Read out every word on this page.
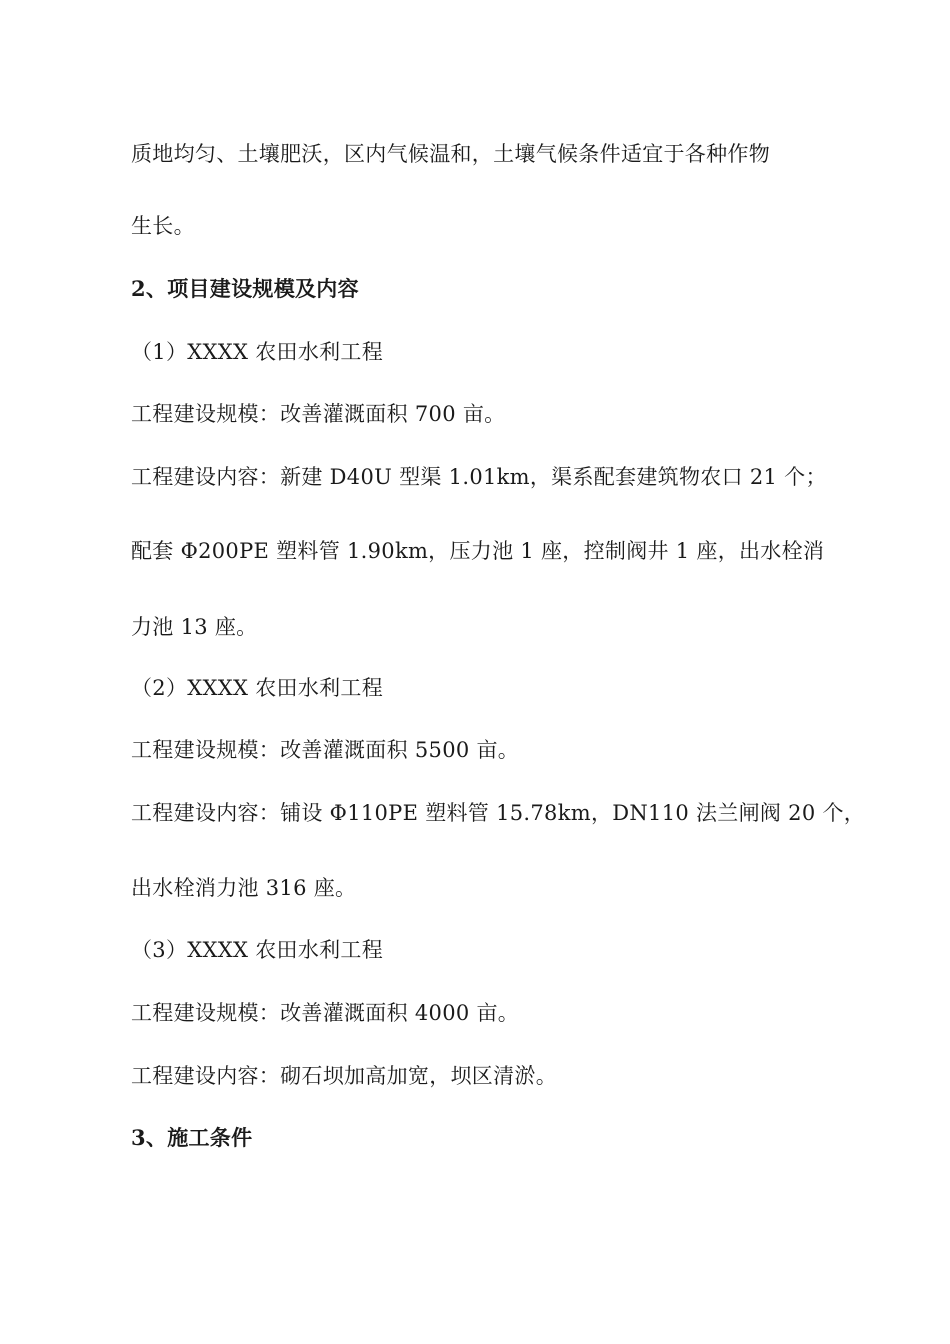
质地均匀、土壤肥沃，区内气候温和，土壤气候条件适宜于各种作物
生长。
2、项目建设规模及内容
（1）XXXX 农田水利工程
工程建设规模：改善灌溉面积 700 亩。
工程建设内容：新建 D40U 型渠 1.01km，渠系配套建筑物农口 21 个；
配套 Φ200PE 塑料管 1.90km，压力池 1 座，控制阀井 1 座，出水栓消
力池 13 座。
（2）XXXX 农田水利工程
工程建设规模：改善灌溉面积 5500 亩。
工程建设内容：铺设 Φ110PE 塑料管 15.78km，DN110 法兰闸阀 20 个，
出水栓消力池 316 座。
（3）XXXX 农田水利工程
工程建设规模：改善灌溉面积 4000 亩。
工程建设内容：砌石坝加高加宽，坝区清淤。
3、施工条件
